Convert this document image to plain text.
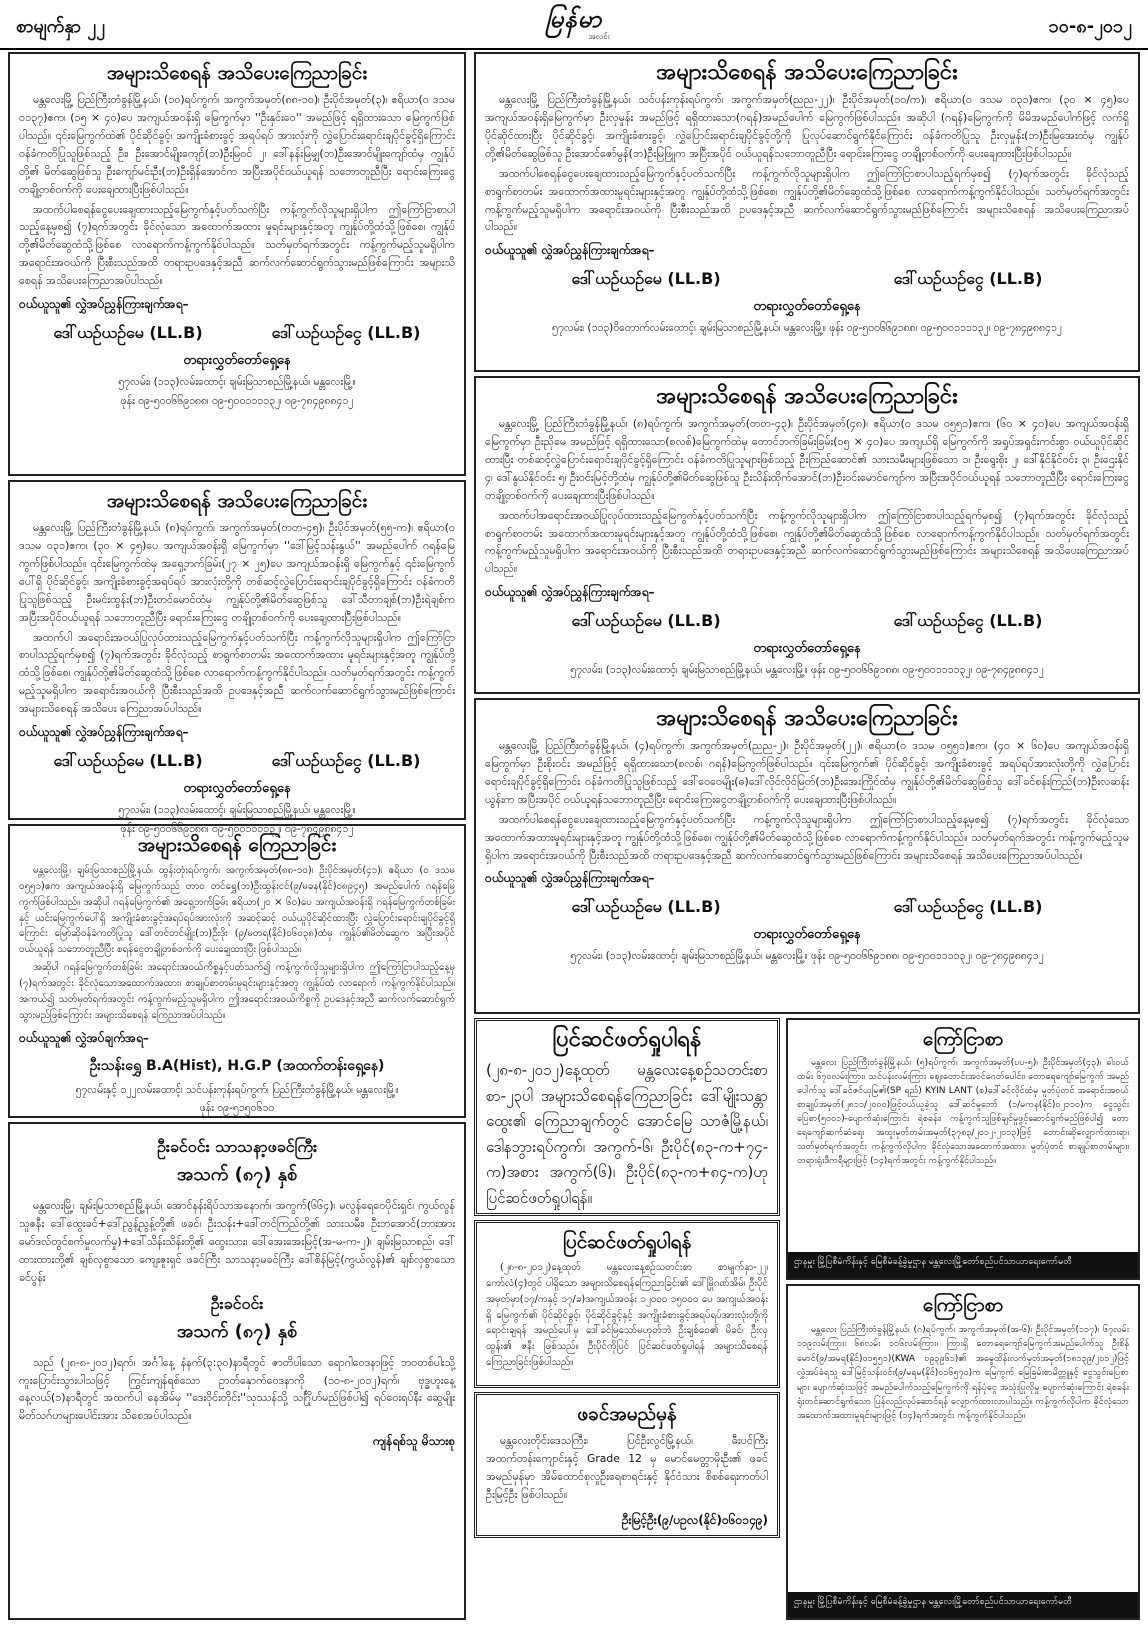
စာမျက်နှာ ၂၂	မြန်မာ
အလင်း	၁၀-၈-၂၀၁၂
အများသိစေရန် အသိပေးကြေညာခြင်း

မန္တလေးမြို့ ပြည်ကြီးတံခွန်မြို့နယ်၊ (၁၀)ရပ်ကွက်၊ အကွက်အမှတ်(၈၈-၁၀)၊ ဦးပိုင်အမှတ်(၃)၊ ဧရိယာ(၀ ဒသမ ၀၁၃၇)ဧက၊ (၁၅ × ၄၀)ပေ အကျယ်အဝန်းရှိ မြေကွက်မှာ ''ဦးနှင်းဝေ'' အမည်ဖြင့် ရရှိထားသော မြေကွက်ဖြစ်ပါသည်။ ၎င်းမြေကွက်ထဲ၏ ပိုင်ဆိုင်ခွင့်၊ အကျိုးခံစားခွင့် အရပ်ရပ် အားလုံးကို လွှဲပြောင်းရောင်းချပိုင်ခွင့်ရှိကြောင်း ဝန်ခံကတိပြုသူဖြစ်သည့် ဦး၊ ဦးအောင်မျိုးကျော်(ဘ)ဦးမြဝင် ၂၊ ဒေါ်နန်းမြမျှ(ဘ)ဦးအောင်မျိုးကျော်ထံမှ ကျွန်ုပ်တို့၏ မိတ်ဆွေဖြစ်သူ ဦးကျော်မင်းဦး(ဘ)ဦးရှိန်အောင်က အပြီးအပိုင်ဝယ်ယူရန် သဘောတူညီပြီး ရောင်းကြေးငွေ တချို့တစ်ဝက်ကို ပေးချေထားပြီးဖြစ်ပါသည်။

အထက်ပါစေရန်ငွေပေးချေထားသည့်မြေကွက်နှင့်ပတ်သက်ပြီး ကန့်ကွက်လိုသူများရှိပါက ဤကြော်ငြာစာပါသည့်နေ့မှစ၍ (၇)ရက်အတွင်း ခိုင်လုံသော အထောက်အထား မူရင်းများနှင့်အတူ ကျွန်ုပ်တို့ထံသို့ဖြစ်စေ၊ ကျွန်ုပ်တို့၏မိတ်ဆွေထံသို့ဖြစ်စေ လာရောက်ကန့်ကွက်နိုင်ပါသည်။ သတ်မှတ်ရက်အတွင်း ကန့်ကွက်မည့်သူမရှိပါက အရောင်းအဝယ်ကို ပြီးစီးသည်အထိ တရားဥပဒေနှင့်အညီ ဆက်လက်ဆောင်ရွက်သွားမည်ဖြစ်ကြောင်း အများသိစေရန် အသိပေးကြေညာအပ်ပါသည်။

ဝယ်ယူသူ၏ လွှဲအပ်ညွှန်ကြားချက်အရ–
ဒေါ်ယဉ်ယဉ်မေ (LL.B)	ဒေါ်ယဉ်ယဉ်ငွေ (LL.B)
တရားလွှတ်တော်ရှေ့နေ
၅၇လမ်း၊ (၁၁၃)လမ်းထောင့်၊ ချမ်းမြသာစည်မြို့နယ်၊ မန္တလေးမြို့။
ဖုန်း ၀၉-၅၀၀၆၆၉၁၈၈၊ ၀၉-၅၀၀၁၁၁၁၃၂၊ ၀၉-၇၈၄၉၈၈၄၁၂
အများသိစေရန် အသိပေးကြေညာခြင်း

မန္တလေးမြို့ ပြည်ကြီးတံခွန်မြို့နယ်၊ (၈)ရပ်ကွက်၊ အကွက်အမှတ်(တတ-၄၅)၊ ဦးပိုင်အမှတ်(၅၅-က)၊ ဧရိယာ(၀ ဒသမ ၀၃၁)ဧက၊ (၃၀ × ၄၅)ပေ အကျယ်အဝန်းရှိ မြေကွက်မှာ ''ဒေါ်မြင့်သန်းနွယ်'' အမည်ပေါက် ဂရန်မြေကွက်ဖြစ်ပါသည်။ ၎င်းမြေကွက်ထဲမှ အရှေ့ဘက်ခြမ်း(၂၇ × ၂၅)ပေ အကျယ်အဝန်းရှိ မြေကွက်နှင့် ၎င်းမြေကွက်ပေါ်ရှိ ပိုင်ဆိုင်ခွင့်၊ အကျိုးခံစားခွင့်အရပ်ရပ် အားလုံးတို့ကို တစ်ဆင့်လွှဲပြောင်းရောင်းချပိုင်ခွင့်ရှိကြောင်း ဝန်ခံကတိပြုသူဖြစ်သည့် ဦးမင်းထွန်း(ဘ)ဦးတင်မောင်ထံမှ ကျွန်ုပ်တို့၏မိတ်ဆွေဖြစ်သူ ဒေါ်သီတာချစ်(ဘ)ဦးရဲချစ်က အပြီးအပိုင်ဝယ်ယူရန် သဘောတူညီပြီး ရောင်းကြေးငွေ တချို့တစ်ဝက်ကို ပေးချေထားပြီးဖြစ်ပါသည်။

အထက်ပါ အရောင်းအဝယ်ပြုလုပ်ထားသည့်မြေကွက်နှင့်ပတ်သက်ပြီး ကန့်ကွက်လိုသူများရှိပါက ဤကြော်ငြာစာပါသည့်ရက်မှစ၍ (၇)ရက်အတွင်း ခိုင်လုံသည့် စာရွက်စာတမ်း အထောက်အထား မူရင်းများနှင့်အတူ ကျွန်ုပ်တို့ထံသို့ဖြစ်စေ၊ ကျွန်ုပ်တို့၏မိတ်ဆွေထံသို့ဖြစ်စေ လာရောက်ကန့်ကွက်နိုင်ပါသည်။ သတ်မှတ်ရက်အတွင်း ကန့်ကွက်မည့်သူမရှိပါက အရောင်းအဝယ်ကို ပြီးစီးသည်အထိ ဥပဒေနှင့်အညီ ဆက်လက်ဆောင်ရွက်သွားမည်ဖြစ်ကြောင်း အများသိစေရန် အသိပေး ကြေညာအပ်ပါသည်။

ဝယ်ယူသူ၏ လွှဲအပ်ညွှန်ကြားချက်အရ–
ဒေါ်ယဉ်ယဉ်မေ (LL.B)	ဒေါ်ယဉ်ယဉ်ငွေ (LL.B)
တရားလွှတ်တော်ရှေ့နေ
၅၇လမ်း၊ (၁၁၃)လမ်းထောင့်၊ ချမ်းမြသာစည်မြို့နယ်၊ မန္တလေးမြို့။
ဖုန်း ၀၉-၅၀၀၆၆၉၁၈၈၊ ၀၉-၅၀၀၁၁၁၁၃၂၊ ၀၉-၇၈၄၉၈၈၄၁၂
အများသိစေရန် ကြေညာခြင်း

မန္တလေးမြို့၊ ချမ်းမြသာစည်မြို့နယ်၊ ထွန်းတုံးရပ်ကွက်၊ အကွက်အမှတ်(၈၈-၁၀)၊ ဦးပိုင်အမှတ်(၄၁)၊ ဧရိယာ (၀ ဒသမ ၀၅၅၁)ဧက အကျယ်အဝန်းရှိ မြေကွက်သည် တာဝ တင်ရွှေ(ဘ)ဦးထွန်းငင်(၉/မခန(နိုင်)၀၈၉၄၅) အမည်ပေါက် ဂရန်မြေကွက်ဖြစ်ပါသည်။ အဆိုပါ ဂရန်မြေကွက်၏ အရှေ့ဘက်ခြမ်း ဧရိယာ(၂၀ × ၆၀)ပေ အကျယ်အဝန်းရှိ ဂရန်မြေကွက်တစ်ခြမ်းနှင့် ယင်းမြေကွက်ပေါ်ရှိ အကျိုးခံစားခွင့်အရပ်ရပ်အားလုံးကို အဆင့်ဆင့် ဝယ်ယူပိုင်ဆိုင်ထားပြီး လွှဲပြောင်းရောင်းချပိုင်ခွင့်ရှိကြောင်း မြော်ဆိုဝန်ခံကတိပြုသူ ဒေါ်တင်တင်မျိုး(ဘ)ဦးဒိုး (၉/မတရ(နိုင်)၀၆၀၃၈)ထံမှ ကျွန်ုပ်၏မိတ်ဆွေက အပြီးအပိုင်ဝယ်ယူရန် သဘောတူညီပြီး စရန်ငွေတချို့တစ်ဝက်ကို ပေးချေထားပြီး ဖြစ်ပါသည်။

အဆိုပါ ဂရန်မြေကွက်တစ်ခြမ်း အရောင်းအဝယ်ကိစ္စနှင့်ပတ်သက်၍ ကန့်ကွက်လိုသူများရှိပါက ဤကြော်ငြာပါသည့်နေ့မှ (၇)ရက်အတွင်း ခိုင်လုံသောအထောက်အထား၊ စာချုပ်စာတမ်းမူရင်းများနှင့်အတူ ကျွန်ုပ်ထံ လာရောက် ကန့်ကွက်နိုင်ပါသည်။ အကယ်၍ သတ်မှတ်ရက်အတွင်း ကန့်ကွက်မည့်သူမရှိပါက ဤအရောင်းအဝယ်ကိစ္စကို ဥပဒေနှင့်အညီ ဆက်လက်ဆောင်ရွက်သွားမည်ဖြစ်ကြောင်း အများသိစေရန် ကြေညာအပ်ပါသည်။

ဝယ်ယူသူ၏ လွှဲအပ်ချက်အရ–
ဦးသန်းရွှေ B.A(Hist), H.G.P (အထက်တန်းရှေ့နေ)
၅၇လမ်းနှင့် ၁၂၂လမ်းထောင့်၊ သင်ပန်းကုန်းရပ်ကွက်၊ ပြည်ကြီးတံခွန်မြို့နယ်၊ မန္တလေးမြို့။
ဖုန်း ၀၉-၅၁၅၀၆၁၀
ဦးခင်ဝင်း သာသနာ့ဖခင်ကြီး
အသက် (၈၇) နှစ်

မန္တလေးမြို့၊ ချမ်းမြသာစည်မြို့နယ်၊ အောင်နန်းရိပ်သာအနောက်၊ အကွက်(၆၆၄)၊ မလွန်ရေဝေပိုင်းရှင်၊ ကွယ်လွန်သူဇနီး ဒေါ်ထွေးခင်+ဒေါ်ညွန့်ညွန့်တို့၏ ဖခင်၊ ဦးသန်း+ဒေါ်တင်ကြည်တို့၏ သားသမီး၊ ဦးဘအောင်(ဘားအားမော်ဒလ်တွင်စက်မှုလက်မှု)+ဒေါ်သိန်းသိန်းတို့၏ ထွေးသား၊ ဒေါ်အေးအေးမြင့်(အ-မ-က-၂)၊ ချမ်းမြသာစည်၊ ဒေါ်ထားထားတို့၏ ချစ်လှစွာသော ကျေးဇူးရှင် ဖခင်ကြီး သာသနာ့မခင်ကြီး ဒေါ်စိန်မြင့်(ကွယ်လွန်)၏ ချစ်လှစွာသော ခင်ပွန်း

ဦးခင်ဝင်း
အသက် (၈၇) နှစ်

သည် (၂၈-၈-၂၀၁၂)ရက်၊ အင်္ဂါနေ့ နံနက်(၃:၃၀)နာရီတွင် ဇာတိပါသော ရောဂါဝေဒနာဖြင့် ဘဝတစ်ပါးသို့ ကူးပြောင်းသွားပါသဖြင့် ကြွင်းကျန်ရစ်သော ဥာတ်နှောက်ဝေဒနာကို (၁၀-၈-၂၀၁၂)ရက်၊ ဗုဒ္ဓဟူးနေ့ နေ့လယ်(၁)နာရီတွင် အထက်ပါ နေအိမ်မှ ''ဒေးဝိုင်းတိုင်း''သုဿန်သို့ သင်္ဂြိုဟ်မည်ဖြစ်ပါ၍ ရပ်ဝေးရပ်နီး ဆွေမျိုးမိတ်သဂ်ဟများပေါင်းအား သိစေအပ်ပါသည်။

ကျန်ရစ်သူ မိသားစု
အများသိစေရန် အသိပေးကြေညာခြင်း

မန္တလေးမြို့ ပြည်ကြီးတံခွန်မြို့နယ်၊ သင်ပန်းကုန်းရပ်ကွက်၊ အကွက်အမှတ်(ညည-၂၂)၊ ဦးပိုင်အမှတ်(၁၀/က)၊ ဧရိယာ(၀ ဒသမ ၀၃၁)ဧက၊ (၃၀ × ၄၅)ပေ အကျယ်အဝန်းရှိမြေကွက်မှာ ဦးလှမှုန်း အမည်ဖြင့် ရရှိထားသော(ဂရန်)အမည်ပေါက် မြေကွက်ဖြစ်ပါသည်။ အဆိုပါ (ဂရန်)မြေကွက်ကို မိမိအမည်ပေါက်ဖြင့် လက်ရှိပိုင်ဆိုင်ထားပြီး ပိုင်ဆိုင်ခွင့်၊ အကျိုးခံစားခွင့်၊ လွှဲပြောင်းရောင်းချပိုင်ခွင့်တို့ကို ပြုလုပ်ဆောင်ရွက်နိုင်ကြောင်း ဝန်ခံကတိပြုသူ ဦးလှမှုန်း(ဘ)ဦးမြအေးထံမှ ကျွန်ုပ်တို့၏မိတ်ဆွေဖြစ်သူ ဦးအောင်ဇော်မွန်(ဘ)ဦးမြဖြူက အပြီးအပိုင် ဝယ်ယူရန်သဘောတူညီပြီး ရောင်းကြေးငွေ တချို့တစ်ဝက်ကို ပေးချေထားပြီးဖြစ်ပါသည်။

အထက်ပါစေရန်ငွေပေးချေထားသည့်မြေကွက်နှင့်ပတ်သက်ပြီး ကန့်ကွက်လိုသူများရှိပါက ဤကြော်ငြာစာပါသည့်ရက်မှစ၍ (၇)ရက်အတွင်း ခိုင်လုံသည့် စာရွက်စာတမ်း အထောက်အထားမူရင်းများနှင့်အတူ ကျွန်ုပ်တို့ထံသို့ဖြစ်စေ၊ ကျွန်ုပ်တို့၏မိတ်ဆွေထံသို့ဖြစ်စေ လာရောက်ကန့်ကွက်နိုင်ပါသည်။ သတ်မှတ်ရက်အတွင်း ကန့်ကွက်မည့်သူမရှိပါက အရောင်းအဝယ်ကို ပြီးစီးသည်အထိ ဥပဒေနှင့်အညီ ဆက်လက်ဆောင်ရွက်သွားမည်ဖြစ်ကြောင်း အများသိစေရန် အသိပေးကြေညာအပ်ပါသည်။

ဝယ်ယူသူ၏ လွှဲအပ်ညွှန်ကြားချက်အရ–
ဒေါ်ယဉ်ယဉ်မေ (LL.B)	ဒေါ်ယဉ်ယဉ်ငွေ (LL.B)
တရားလွှတ်တော်ရှေ့နေ
၅၇လမ်း၊ (၁၁၃)ဝိတောက်လမ်းထောင့်၊ ချမ်းမြသာစည်မြို့နယ်၊ မန္တလေးမြို့။ ဖုန်း ၀၉-၅၀၀၆၆၉၁၈၈၊ ၀၉-၅၀၀၁၁၁၁၃၂၊ ၀၉-၇၈၄၉၈၈၄၁၂
အများသိစေရန် အသိပေးကြေညာခြင်း

မန္တလေးမြို့ ပြည်ကြီးတံခွန်မြို့နယ်၊ (၈)ရပ်ကွက်၊ အကွက်အမှတ်(တတ-၄၃)၊ ဦးပိုင်အမှတ်(၄၈)၊ ဧရိယာ(၀ ဒသမ ၀၅၅၁)ဧက၊ (၆၀ × ၄၀)ပေ အကျယ်အဝန်းရှိ မြေကွက်မှာ ဦးညိုမေ အမည်ဖြင့် ရရှိထားသော(စလစ်)မြေကွက်ထဲမှ တောင်ဘက်ခြမ်းခြမ်း(၁၅ × ၄၀)ပေ အကျယ်ရှိ မြေကွက်ကို အရှုပ်အရှင်းကင်းစွာ ဝယ်ယူပိုင်ဆိုင်ထားပြီး တစ်ဆင့်လွှဲပြောင်းရောင်းချပိုင်ခွင့်ရှိကြောင်း ဝန်ခံကတိပြုသူများဖြစ်သည့် ဦးကြည်ဆောင်၏ သားသမီးများဖြစ်သော ၁၊ ဦးရွေးစိုး ၂၊ ဒေါ်နိုင်နိုင်ဝင်း ၃၊ ဦးဌေးနိုင် ၄၊ ဒေါ်နွယ်နိုင်ဝင်း ၅၊ ဦးဝင်းမြင့်တို့ထံမှ ကျွန်ုပ်တို့၏မိတ်ဆွေဖြစ်သူ ဦးသိန်းထိုက်အောင်(ဘ)ဦးဝင်းမောင်ကျော်က အပြီးအပိုင်ဝယ်ယူရန် သဘောတူညီပြီး ရောင်းကြေးငွေ တချို့တစ်ဝက်ကို ပေးချေထားပြီးဖြစ်ပါသည်။

အထက်ပါအရောင်းအဝယ်ပြုလုပ်ထားသည့်မြေကွက်နှင့်ပတ်သက်ပြီး ကန့်ကွက်လိုသူများရှိပါက ဤကြော်ငြာစာပါသည့်ရက်မှစ၍ (၇)ရက်အတွင်း ခိုင်လုံသည့် စာရွက်စာတမ်း အထောက်အထားမူရင်းများနှင့်အတူ ကျွန်ုပ်တို့ထံသို့ဖြစ်စေ၊ ကျွန်ုပ်တို့၏မိတ်ဆွေထံသို့ဖြစ်စေ လာရောက်ကန့်ကွက်နိုင်ပါသည်။ သတ်မှတ်ရက်အတွင်း ကန့်ကွက်မည့်သူမရှိပါက အရောင်းအဝယ်ကို ပြီးစီးသည်အထိ တရားဥပဒေနှင့်အညီ ဆက်လက်ဆောင်ရွက်သွားမည်ဖြစ်ကြောင်း အများသိစေရန် အသိပေးကြေညာအပ်ပါသည်။

ဝယ်ယူသူ၏ လွှဲအပ်ညွှန်ကြားချက်အရ–
ဒေါ်ယဉ်ယဉ်မေ (LL.B)	ဒေါ်ယဉ်ယဉ်ငွေ (LL.B)
တရားလွှတ်တော်ရှေ့နေ
၅၇လမ်း၊ (၁၁၃)လမ်းထောင့်၊ ချမ်းမြသာစည်မြို့နယ်၊ မန္တလေးမြို့။ ဖုန်း ၀၉-၅၀၀၆၆၉၁၈၈၊ ၀၉-၅၀၀၁၁၁၁၃၂၊ ၀၉-၇၈၄၉၈၈၄၁၂
အများသိစေရန် အသိပေးကြေညာခြင်း

မန္တလေးမြို့ ပြည်ကြီးတံခွန်မြို့နယ်၊ (၄)ရပ်ကွက်၊ အကွက်အမှတ်(ညည-၂)၊ ဦးပိုင်အမှတ်(၂၂)၊ ဧရိယာ(၀ ဒသမ ၀၅၅၁)ဧက၊ (၄၀ × ၆၀)ပေ အကျယ်အဝန်းရှိ မြေကွက်မှာ ဦးစိုးဝင်း အမည်ဖြင့် ရရှိထားသော(စလစ်၊ ဂရန်)မြေကွက်ဖြစ်ပါသည်။ ၎င်းမြေကွက်၏ ပိုင်ဆိုင်ခွင့်၊ အကျိုးခံစားခွင့် အရပ်ရပ်အားလုံးတို့ကို လွှဲပြောင်းရောင်းချပိုင်ခွင့်ရှိကြောင်း ဝန်ခံကတိပြုသူဖြစ်သည့် ဒေါ်ဝေဝေမျိုး(ဓ)ဒေါ်လိုင်လိုင်မြတ်(ဘ)ဦးအေးကြိုင်ထံမှ ကျွန်ုပ်တို့၏မိတ်ဆွေဖြစ်သူ ဒေါ်ခင်စန်းကြည်(ဘ)ဦးလဆန်းယွန်းက အပြီးအပိုင် ဝယ်ယူရန်သဘောတူညီပြီး ရောင်းကြေးငွေတချို့တစ်ဝက်ကို ပေးချေထားပြီးဖြစ်ပါသည်။

အထက်ပါစေရန်ငွေပေးချေထားသည့်မြေကွက်နှင့်ပတ်သက်ပြီး ကန့်ကွက်လိုသူများရှိပါက ဤကြော်ငြာစာပါသည့်နေ့မှစ၍ (၇)ရက်အတွင်း ခိုင်လုံသော အထောက်အထားမူရင်းများနှင့်အတူ ကျွန်ုပ်တို့ထံသို့ဖြစ်စေ၊ ကျွန်ုပ်တို့၏မိတ်ဆွေထံသို့ဖြစ်စေ လာရောက်ကန့်ကွက်နိုင်ပါသည်။ သတ်မှတ်ရက်အတွင်း ကန့်ကွက်မည့်သူမရှိပါက အရောင်းအဝယ်ကို ပြီးစီးသည်အထိ တရားဥပဒေနှင့်အညီ ဆက်လက်ဆောင်ရွက်သွားမည်ဖြစ်ကြောင်း အများသိစေရန် အသိပေးကြေညာအပ်ပါသည်။

ဝယ်ယူသူ၏ လွှဲအပ်ညွှန်ကြားချက်အရ–
ဒေါ်ယဉ်ယဉ်မေ (LL.B)	ဒေါ်ယဉ်ယဉ်ငွေ (LL.B)
တရားလွှတ်တော်ရှေ့နေ
၅၇လမ်း၊ (၁၁၃)လမ်းထောင့်၊ ချမ်းမြသာစည်မြို့နယ်၊ မန္တလေးမြို့။ ဖုန်း ၀၉-၅၀၀၆၆၉၁၈၈၊ ၀၉-၅၀၀၁၁၁၁၃၂၊ ၀၉-၇၈၄၉၈၈၄၁၂
ပြင်ဆင်ဖတ်ရှုပါရန်

(၂၈-၈-၂၀၁၂)နေ့ထုတ် မန္တလေးနေ့စဉ်သတင်းစာ စာ-၂၃ပါ အများသိစေရန်ကြေညာခြင်း ဒေါ်မျိုးသန္တာထွေး၏ ကြေညာချက်တွင် အောင်မြေ သာဇံမြို့နယ်၊ ဒေါနဘွားရပ်ကွက်၊ အကွက်-၆၊ ဦးပိုင်(၈၃-က+၇၄-က)အစား အကွက်(၆)၊ ဦးပိုင်(၈၃-က+၈၄-က)ဟု ပြင်ဆင်ဖတ်ရှုပါရန်။

ပြင်ဆင်ဖတ်ရှုပါရန်

(၂၈-၈-၂၀၁၂)နေ့ထုတ် မန္တလေးနေ့စဉ်သတင်းစာ စာမျက်နှာ-၂၂၊ ကော်လံ(၄)တွင် ပါရှိသော အများသိစေရန်ကြေညာခြင်း၏ ဒေါ်မြိုဂဏ်အိမ်၊ ဦးပိုင်အမှတ်မှာ(၁၇/ကနှင့် ၁၇/ခ)အကျယ်အဝန်း ၁၂၀၀၀ ၁၅၀၀၀ ပေ အကျယ်အဝန်းရှိ မြေကွက်၏ ပိုင်ဆိုင်ခွင့်၊ ပိုင်ဆိုင်ခွင့်နှင့် အကျိုးခံစားခွင့်အရပ်ရပ်အားလုံးတို့ကို ရောင်းချရန် အမည်ပေါ်မှ ဒေါ်ခင်မြသော်မဟုတ်ဘဲ ဦးချစ်ဝေ၏ မိခင်၊ ဦးလှထွန်း၏ ဇနီး ဖြစ်သည်။ ဦးပိုင်ကိုပြင် ပြင်ဆင်ဖတ်ရှုပါရန် အများသိစေရန် ကြေညာခြင်းဖြစ်ပါသည်။

ဖခင်အမည်မှန်

မန္တလေးတိုင်းဒေသကြီး၊ ပြင်ဦးလွင်မြို့နယ်၊ ဓီးပင်ကြီး အထက်တန်းကျောင်းနှင့် Grade 12 မှ မောင်မေတ္တာမိုးဦး၏ ဖခင်အမည်မှန်မှာ အိမ်ထောင်စုလူဦးရေစာရင်းနှင့် နိုင်ငံသား စိစစ်ရေးကတ်ပါ ဦးမြင့်ဦး ဖြစ်ပါသည်။

ဦးမြင့်ဦး(၉/ပဥလ(နိုင်)၀၆၀၁၄၉)
ကြော်ငြာစာ

မန္တလေး ပြည်ကြီးတံခွန်မြို့နယ်၊ (၅)ရပ်ကွက်၊ အကွက်အမှတ်(ပပ-၅)၊ ဦးပိုင်အမှတ်(၄၃)၊ ဓါးဝယ်ထမ်း ၆၇ဝလမ်းကြား၊ သင်ပန်းလမ်းကြား ဈေးတောင်းအဝင်ဂေတ်ပေါင်း၊ တောရေကျော်မြေကွက် အမည်ပေါက်သူ ဒေါ်ခင်ဇင်ယုမြ၏(SP ရည်) KYIN LANT (စ)ဒေါ်ခင်လိုင်ထံမှ မူတ်ပုံတင် အရောင်းအဝယ်စာချုပ်အမှတ်(၂၈၁၁/၂၀၀၀)ဖြင့်ဝယ်ယူခဲ့သူ ဒေါ်ဆင်မူဘော် (၁/မကန(နိုင်)၀၂၁၁၀)က ငွေသွင်းပြေစာ(၅၀၀၁)-ပျောက်ဆုံးကြောင်း ရဲစခန်း၊ ကန့်ကွက်သူဖြစ်ချင်မှုဖွင့်ဆောင်ရွက်မည်ဖြစ်ပါ၍ တောရေကျော်ဆက်ဆံရေး အထူးမှတ်တမ်းအမှတ်(၃၇၈၃/၂၀၁၂-၂၀၁၃)ဖြင့် တောင်းဆိုလျှောက်ထားရာ၊ သတ်မှတ်ရက်အတွင်း ကန့်ကွက်လိုပါက ခိုင်လုံသောအထောက်အထား၊ မူတ်ပုံတင် စာချုပ်စာတမ်းများ၊ တရားရုံးဒီကရီများဖြင့် (၁၄)ရက်အတွင်း ကန့်ကွက်နိုင်ပါသည်။

ဌာနမှူး မြို့ပြစီမံကိန်းနှင့် မြေစီမံခန့်ခွဲမှုဌာန မန္တလေးမြို့တော်စည်ပင်သာယာရေးကော်မတီ
ကြော်ငြာစာ

မန္တလေး ပြည်ကြီးတံခွန်မြို့နယ်၊ (ဂ)ရပ်ကွက်၊ အကွက်အမှတ်(အ-၆)၊ ဦးပိုင်အမှတ်(၁၁၇)၊ ၆၇လမ်း ၁၁၉လမ်းကြား၊ ၆၈လမ်း ၁၁၆လမ်းကြား၊ ကြားရှိ တောရေကျော်မြေကွက်အမည်ပေါက်သူ ဦးစိန်မောင်(၉/အမရ(နိုင်)၀၁၅၅၁)(KWA ၀၉၃၉၆၁)၏ အမွေထိန်းလက်မှတ်အမှတ်(၁၈၁၃၉/၂၀၁၂)ဖြင့် လွှဲအပ်ခံရသူ ဒေါ်မြင့်သန်းဝင်း(၉/မရမ(နိုင်)၀၁၆၅၇၀)က မြေကွက် မြေခြမ်းစာမိတ္တူနှင့် ငွေသွင်းပြေစာများ ပျောက်ဆုံးသဖြင့် အမည်ပေါက်သည့်မြေကွက်ကို ရန်ပုံငွေ အသုံးပြုလိုမှု ပျောက်ဆုံးကြောင်း ရဲစခန်း ရုံးတင်ဆောင်ရွက်သော ပြန်လည်လုပ်ဆောင်ရန် လျှောက်ထားလာပါသည်။ ကန့်ကွက်လိုပါက ခိုင်လုံသော အထောက်အထားမူရင်းများဖြင့် (၁၄)ရက်အတွင်း ကန့်ကွက်နိုင်ပါသည်။

ဌာနမှူး မြို့ပြစီမံကိန်းနှင့် မြေစီမံခန့်ခွဲမှုဌာန မန္တလေးမြို့တော်စည်ပင်သာယာရေးကော်မတီ
